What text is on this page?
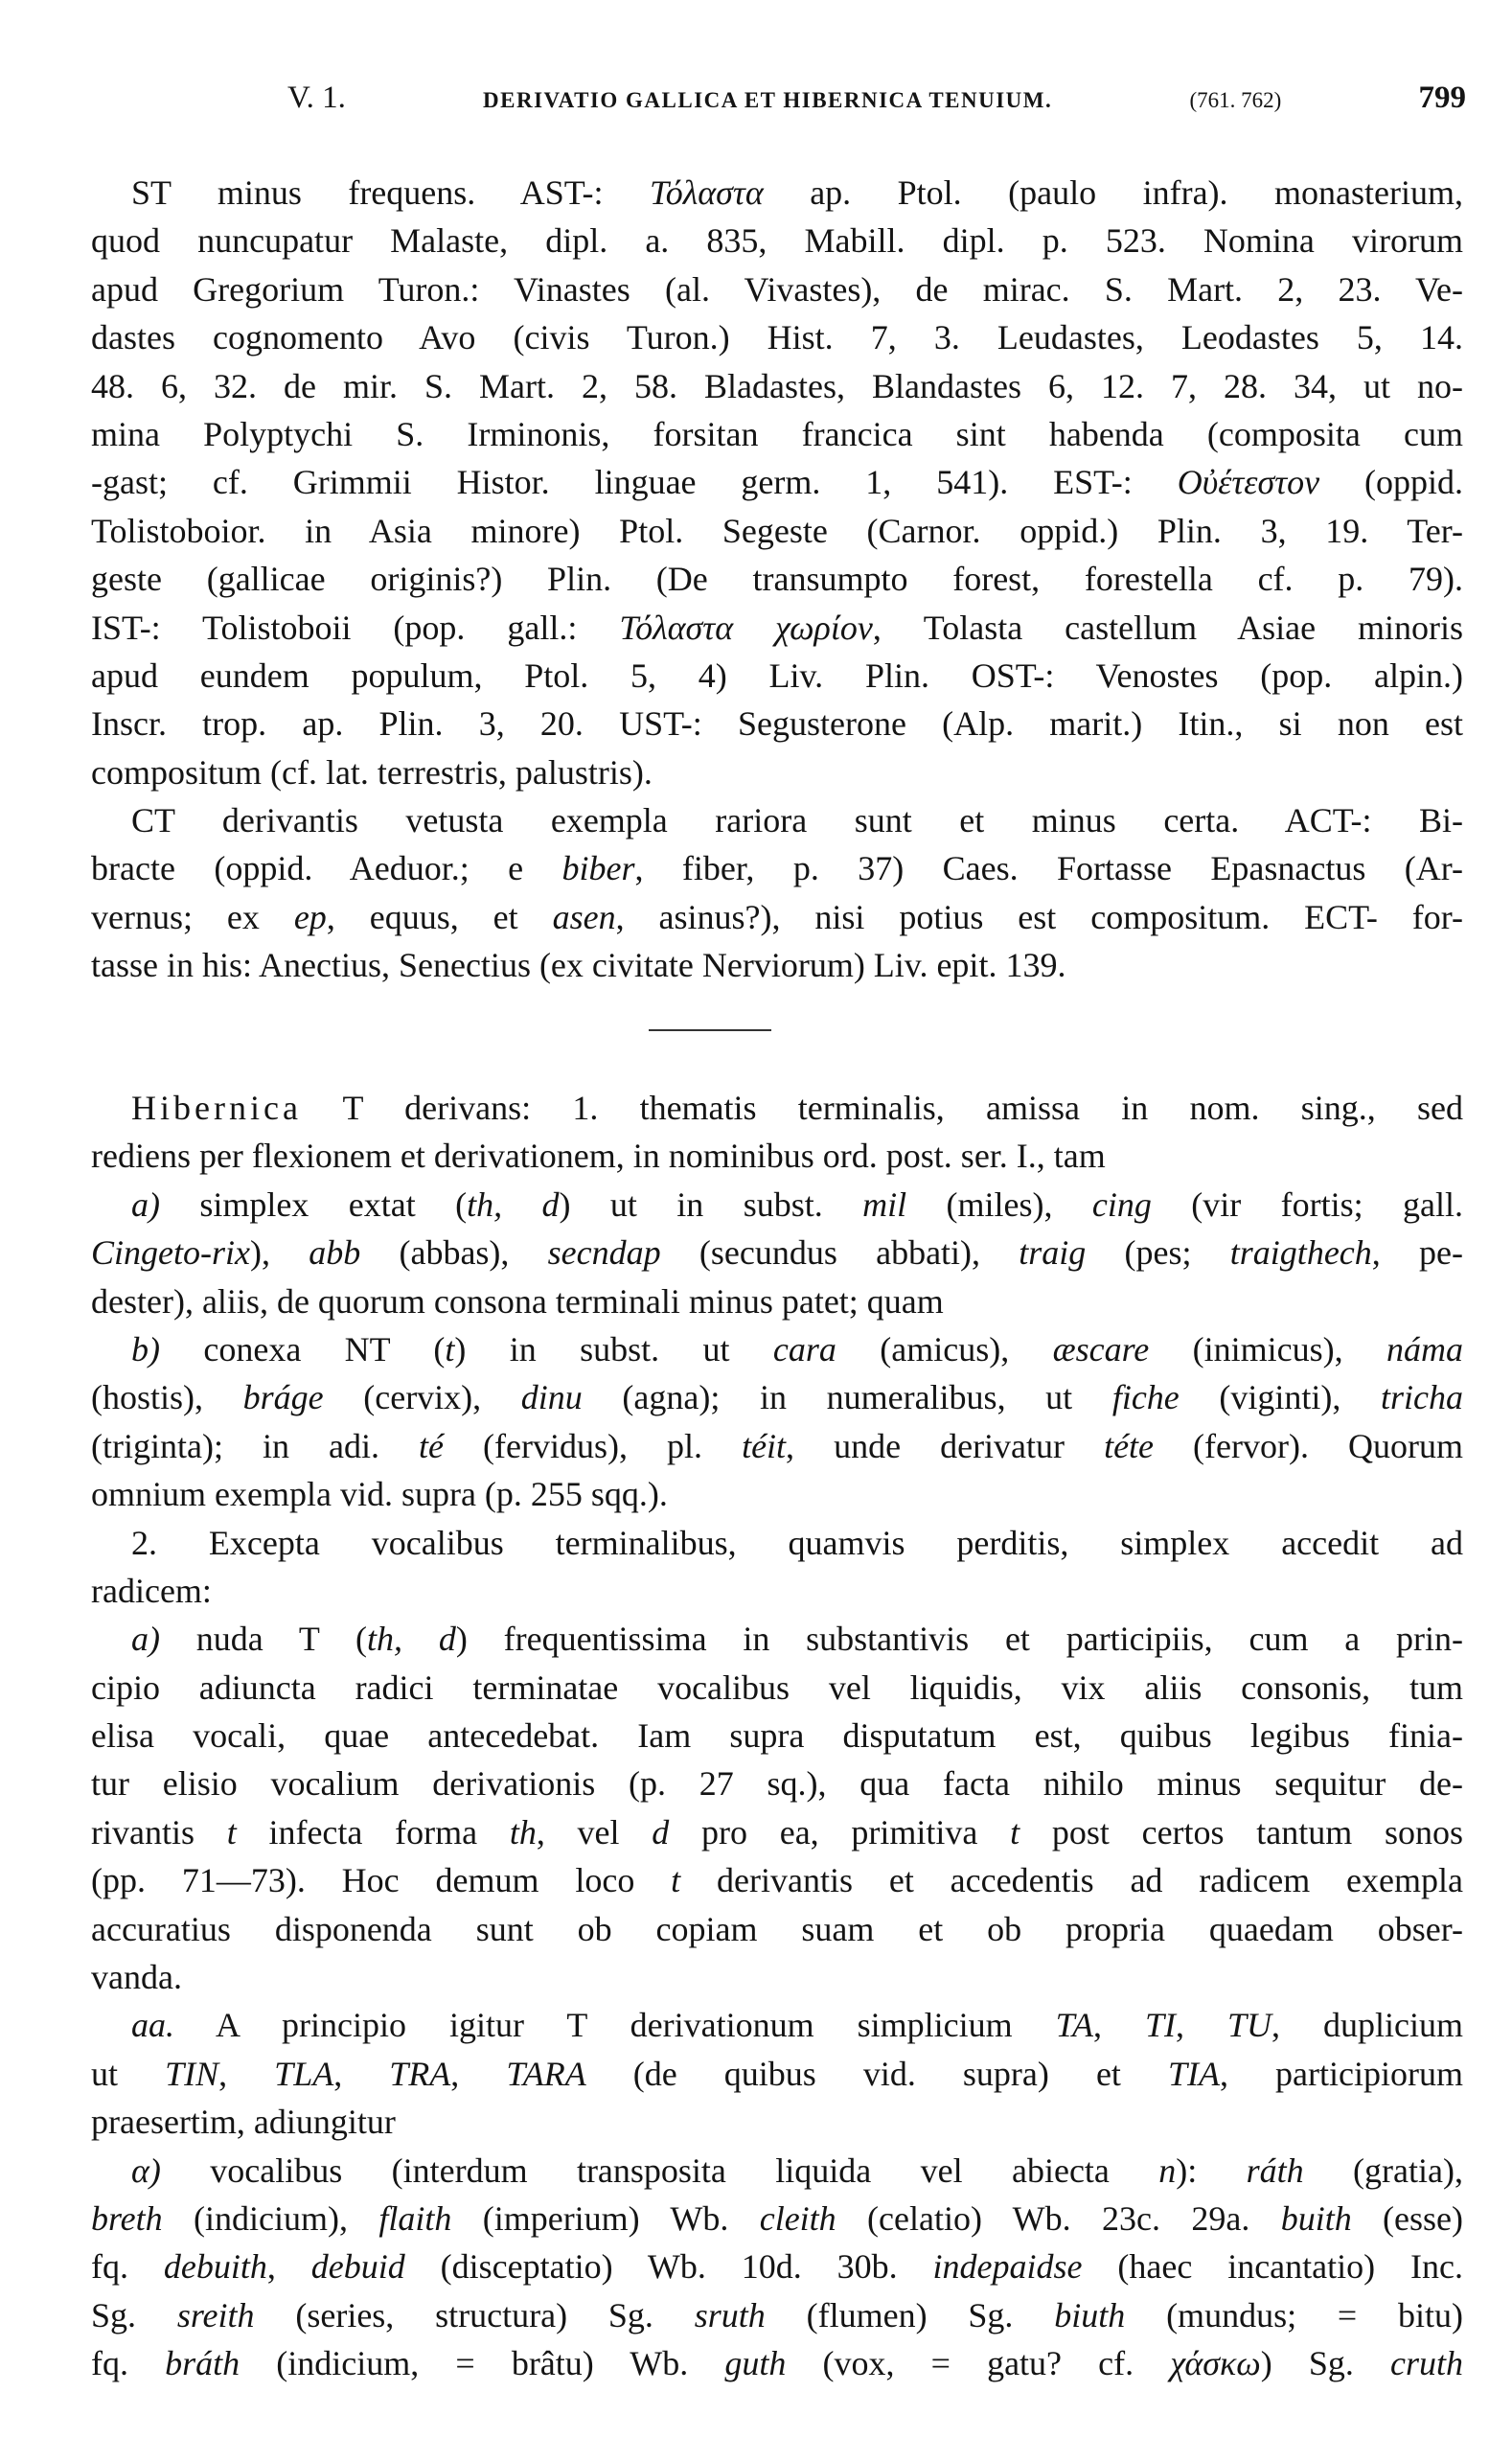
V. 1.	DERIVATIO GALLICA ET HIBERNICA TENUIUM.	(761. 762)	799
ST minus frequens. AST-: Τόλαστα ap. Ptol. (paulo infra). monasterium,
quod nuncupatur Malaste, dipl. a. 835, Mabill. dipl. p. 523. Nomina virorum
apud Gregorium Turon.: Vinastes (al. Vivastes), de mirac. S. Mart. 2, 23. Ve-
dastes cognomento Avo (civis Turon.) Hist. 7, 3. Leudastes, Leodastes 5, 14.
48. 6, 32. de mir. S. Mart. 2, 58. Bladastes, Blandastes 6, 12. 7, 28. 34, ut no-
mina Polyptychi S. Irminonis, forsitan francica sint habenda (composita cum
-gast; cf. Grimmii Histor. linguae germ. 1, 541). EST-: Οὐέτεστον (oppid.
Tolistoboior. in Asia minore) Ptol. Segeste (Carnor. oppid.) Plin. 3, 19. Ter-
geste (gallicae originis?) Plin. (De transumpto forest, forestella cf. p. 79).
IST-: Tolistoboii (pop. gall.: Τόλαστα χωρίον, Tolasta castellum Asiae minoris
apud eundem populum, Ptol. 5, 4) Liv. Plin. OST-: Venostes (pop. alpin.)
Inscr. trop. ap. Plin. 3, 20. UST-: Segusterone (Alp. marit.) Itin., si non est
compositum (cf. lat. terrestris, palustris).
CT derivantis vetusta exempla rariora sunt et minus certa. ACT-: Bi-
bracte (oppid. Aeduor.; e biber, fiber, p. 37) Caes. Fortasse Epasnactus (Ar-
vernus; ex ep, equus, et asen, asinus?), nisi potius est compositum. ECT- for-
tasse in his: Anectius, Senectius (ex civitate Nerviorum) Liv. epit. 139.
Hibernica T derivans: 1. thematis terminalis, amissa in nom. sing., sed
rediens per flexionem et derivationem, in nominibus ord. post. ser. I., tam
a) simplex extat (th, d) ut in subst. mil (miles), cing (vir fortis; gall.
Cingeto-rix), abb (abbas), secndap (secundus abbati), traig (pes; traigthech, pe-
dester), aliis, de quorum consona terminali minus patet; quam
b) conexa NT (t) in subst. ut cara (amicus), æscare (inimicus), náma
(hostis), bráge (cervix), dinu (agna); in numeralibus, ut fiche (viginti), tricha
(triginta); in adi. té (fervidus), pl. téit, unde derivatur téte (fervor). Quorum
omnium exempla vid. supra (p. 255 sqq.).
2. Excepta vocalibus terminalibus, quamvis perditis, simplex accedit ad
radicem:
a) nuda T (th, d) frequentissima in substantivis et participiis, cum a prin-
cipio adiuncta radici terminatae vocalibus vel liquidis, vix aliis consonis, tum
elisa vocali, quae antecedebat. Iam supra disputatum est, quibus legibus finia-
tur elisio vocalium derivationis (p. 27 sq.), qua facta nihilo minus sequitur de-
rivantis t infecta forma th, vel d pro ea, primitiva t post certos tantum sonos
(pp. 71—73). Hoc demum loco t derivantis et accedentis ad radicem exempla
accuratius disponenda sunt ob copiam suam et ob propria quaedam obser-
vanda.
aa. A principio igitur T derivationum simplicium TA, TI, TU, duplicium
ut TIN, TLA, TRA, TARA (de quibus vid. supra) et TIA, participiorum
praesertim, adiungitur
α) vocalibus (interdum transposita liquida vel abiecta n): ráth (gratia),
breth (indicium), flaith (imperium) Wb. cleith (celatio) Wb. 23c. 29a. buith (esse)
fq. debuith, debuid (disceptatio) Wb. 10d. 30b. indepaidse (haec incantatio) Inc.
Sg. sreith (series, structura) Sg. sruth (flumen) Sg. biuth (mundus; = bitu)
fq. bráth (indicium, = brâtu) Wb. guth (vox, = gatu? cf. χάσκω) Sg. cruth
